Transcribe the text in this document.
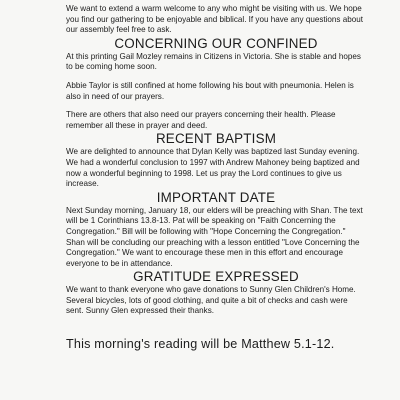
We want to extend a warm welcome to any who might be visiting with us. We hope you find our gathering to be enjoyable and biblical. If you have any questions about our assembly feel free to ask.

CONCERNING OUR CONFINED

At this printing Gail Mozley remains in Citizens in Victoria. She is stable and hopes to be coming home soon.

Abbie Taylor is still confined at home following his bout with pneumonia. Helen is also in need of our prayers.

There are others that also need our prayers concerning their health. Please remember all these in prayer and deed.

RECENT BAPTISM

We are delighted to announce that Dylan Kelly was baptized last Sunday evening. We had a wonderful conclusion to 1997 with Andrew Mahoney being baptized and now a wonderful beginning to 1998. Let us pray the Lord continues to give us increase.

IMPORTANT DATE

Next Sunday morning, January 18, our elders will be preaching with Shan. The text will be 1 Corinthians 13.8-13. Pat will be speaking on "Faith Concerning the Congregation." Bill will be following with "Hope Concerning the Congregation." Shan will be concluding our preaching with a lesson entitled "Love Concerning the Congregation." We want to encourage these men in this effort and encourage everyone to be in attendance.

GRATITUDE EXPRESSED

We want to thank everyone who gave donations to Sunny Glen Children's Home. Several bicycles, lots of good clothing, and quite a bit of checks and cash were sent. Sunny Glen expressed their thanks.

This morning's reading will be Matthew 5.1-12.
